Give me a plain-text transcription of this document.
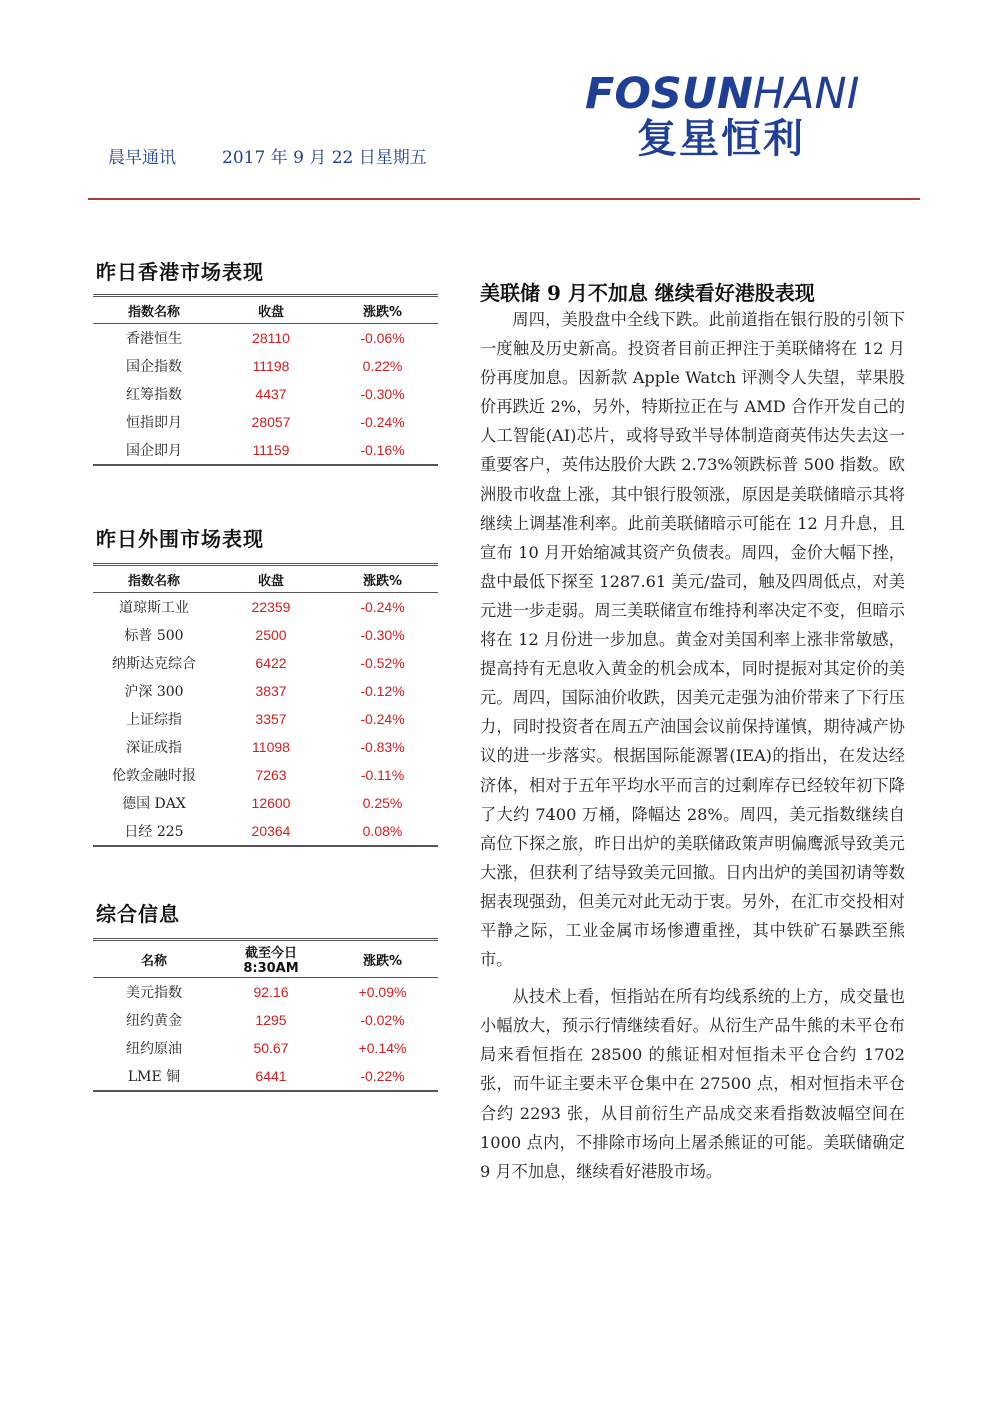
FOSUNHANI
复星恒利
晨早通讯	2017 年 9 月 22 日星期五
昨日香港市场表现
指数名称	收盘	涨跌%
香港恒生	28110	-0.06%
国企指数	11198	0.22%
红筹指数	4437	-0.30%
恒指即月	28057	-0.24%
国企即月	11159	-0.16%
昨日外围市场表现
指数名称	收盘	涨跌%
道琼斯工业	22359	-0.24%
标普 500	2500	-0.30%
纳斯达克综合	6422	-0.52%
沪深 300	3837	-0.12%
上证综指	3357	-0.24%
深证成指	11098	-0.83%
伦敦金融时报	7263	-0.11%
德国 DAX	12600	0.25%
日经 225	20364	0.08%
综合信息
名称	截至今日 8:30AM	涨跌%
美元指数	92.16	+0.09%
纽约黄金	1295	-0.02%
纽约原油	50.67	+0.14%
LME 铜	6441	-0.22%
美联储 9 月不加息 继续看好港股表现

周四，美股盘中全线下跌。此前道指在银行股的引领下一度触及历史新高。投资者目前正押注于美联储将在 12 月份再度加息。因新款 Apple Watch 评测令人失望，苹果股价再跌近 2%，另外，特斯拉正在与 AMD 合作开发自己的人工智能(AI)芯片，或将导致半导体制造商英伟达失去这一重要客户，英伟达股价大跌 2.73%领跌标普 500 指数。欧洲股市收盘上涨，其中银行股领涨，原因是美联储暗示其将继续上调基准利率。此前美联储暗示可能在 12 月升息，且宣布 10 月开始缩减其资产负债表。周四，金价大幅下挫，盘中最低下探至 1287.61 美元/盎司，触及四周低点，对美元进一步走弱。周三美联储宣布维持利率决定不变，但暗示将在 12 月份进一步加息。黄金对美国利率上涨非常敏感，提高持有无息收入黄金的机会成本，同时提振对其定价的美元。周四，国际油价收跌，因美元走强为油价带来了下行压力，同时投资者在周五产油国会议前保持谨慎，期待减产协议的进一步落实。根据国际能源署(IEA)的指出，在发达经济体，相对于五年平均水平而言的过剩库存已经较年初下降了大约 7400 万桶，降幅达 28%。周四，美元指数继续自高位下探之旅，昨日出炉的美联储政策声明偏鹰派导致美元大涨，但获利了结导致美元回撤。日内出炉的美国初请等数据表现强劲，但美元对此无动于衷。另外，在汇市交投相对平静之际，工业金属市场惨遭重挫，其中铁矿石暴跌至熊市。

从技术上看，恒指站在所有均线系统的上方，成交量也小幅放大，预示行情继续看好。从衍生产品牛熊的未平仓布局来看恒指在 28500 的熊证相对恒指未平仓合约 1702 张，而牛证主要未平仓集中在 27500 点，相对恒指未平仓合约 2293 张，从目前衍生产品成交来看指数波幅空间在 1000 点内，不排除市场向上屠杀熊证的可能。美联储确定 9 月不加息，继续看好港股市场。
